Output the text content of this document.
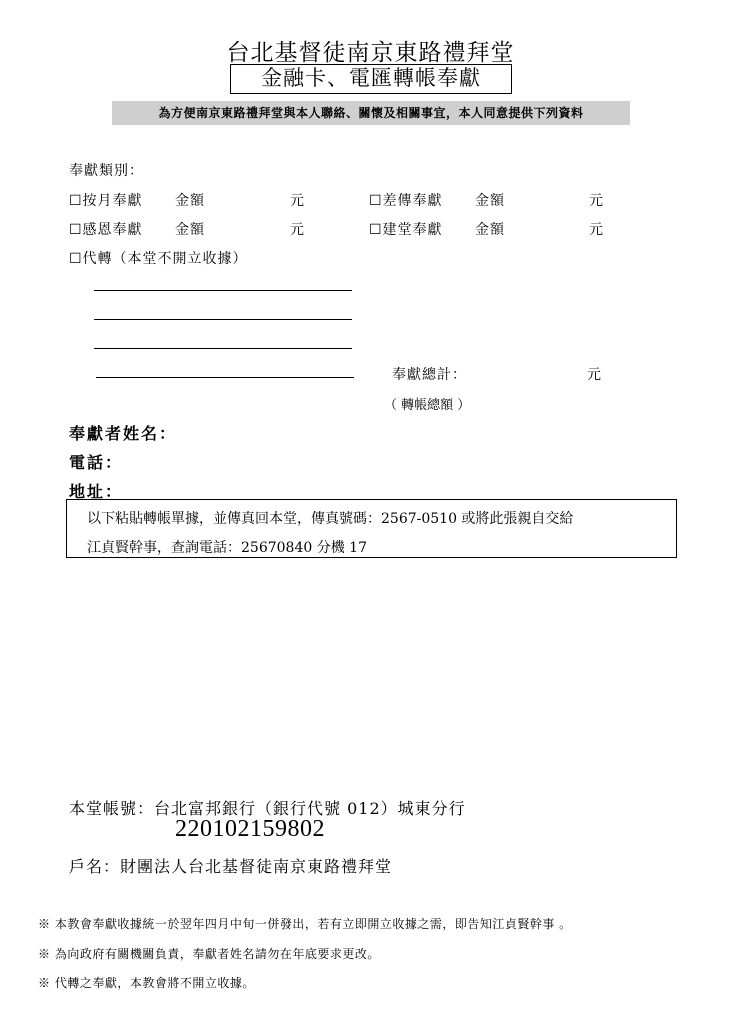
台北基督徒南京東路禮拜堂
金融卡、電匯轉帳奉獻
為方便南京東路禮拜堂與本人聯絡、關懷及相關事宜，本人同意提供下列資料
奉獻類別：
☐按月奉獻 金額	元	☐差傳奉獻 金額	元
☐感恩奉獻 金額	元	☐建堂奉獻 金額	元
☐代轉（本堂不開立收據）
奉獻總計：	元
（ 轉帳總額 ）
奉獻者姓名：
電話：
地址：
以下粘貼轉帳單據，並傳真回本堂，傳真號碼：2567-0510 或將此張親自交給
江貞賢幹事，查詢電話：25670840 分機 17
本堂帳號：台北富邦銀行（銀行代號 012）城東分行
220102159802
戶名：財團法人台北基督徒南京東路禮拜堂
※ 本教會奉獻收據統一於翌年四月中旬一併發出，若有立即開立收據之需，即告知江貞賢幹事 。
※ 為向政府有關機關負責，奉獻者姓名請勿在年底要求更改。
※ 代轉之奉獻，本教會將不開立收據。
